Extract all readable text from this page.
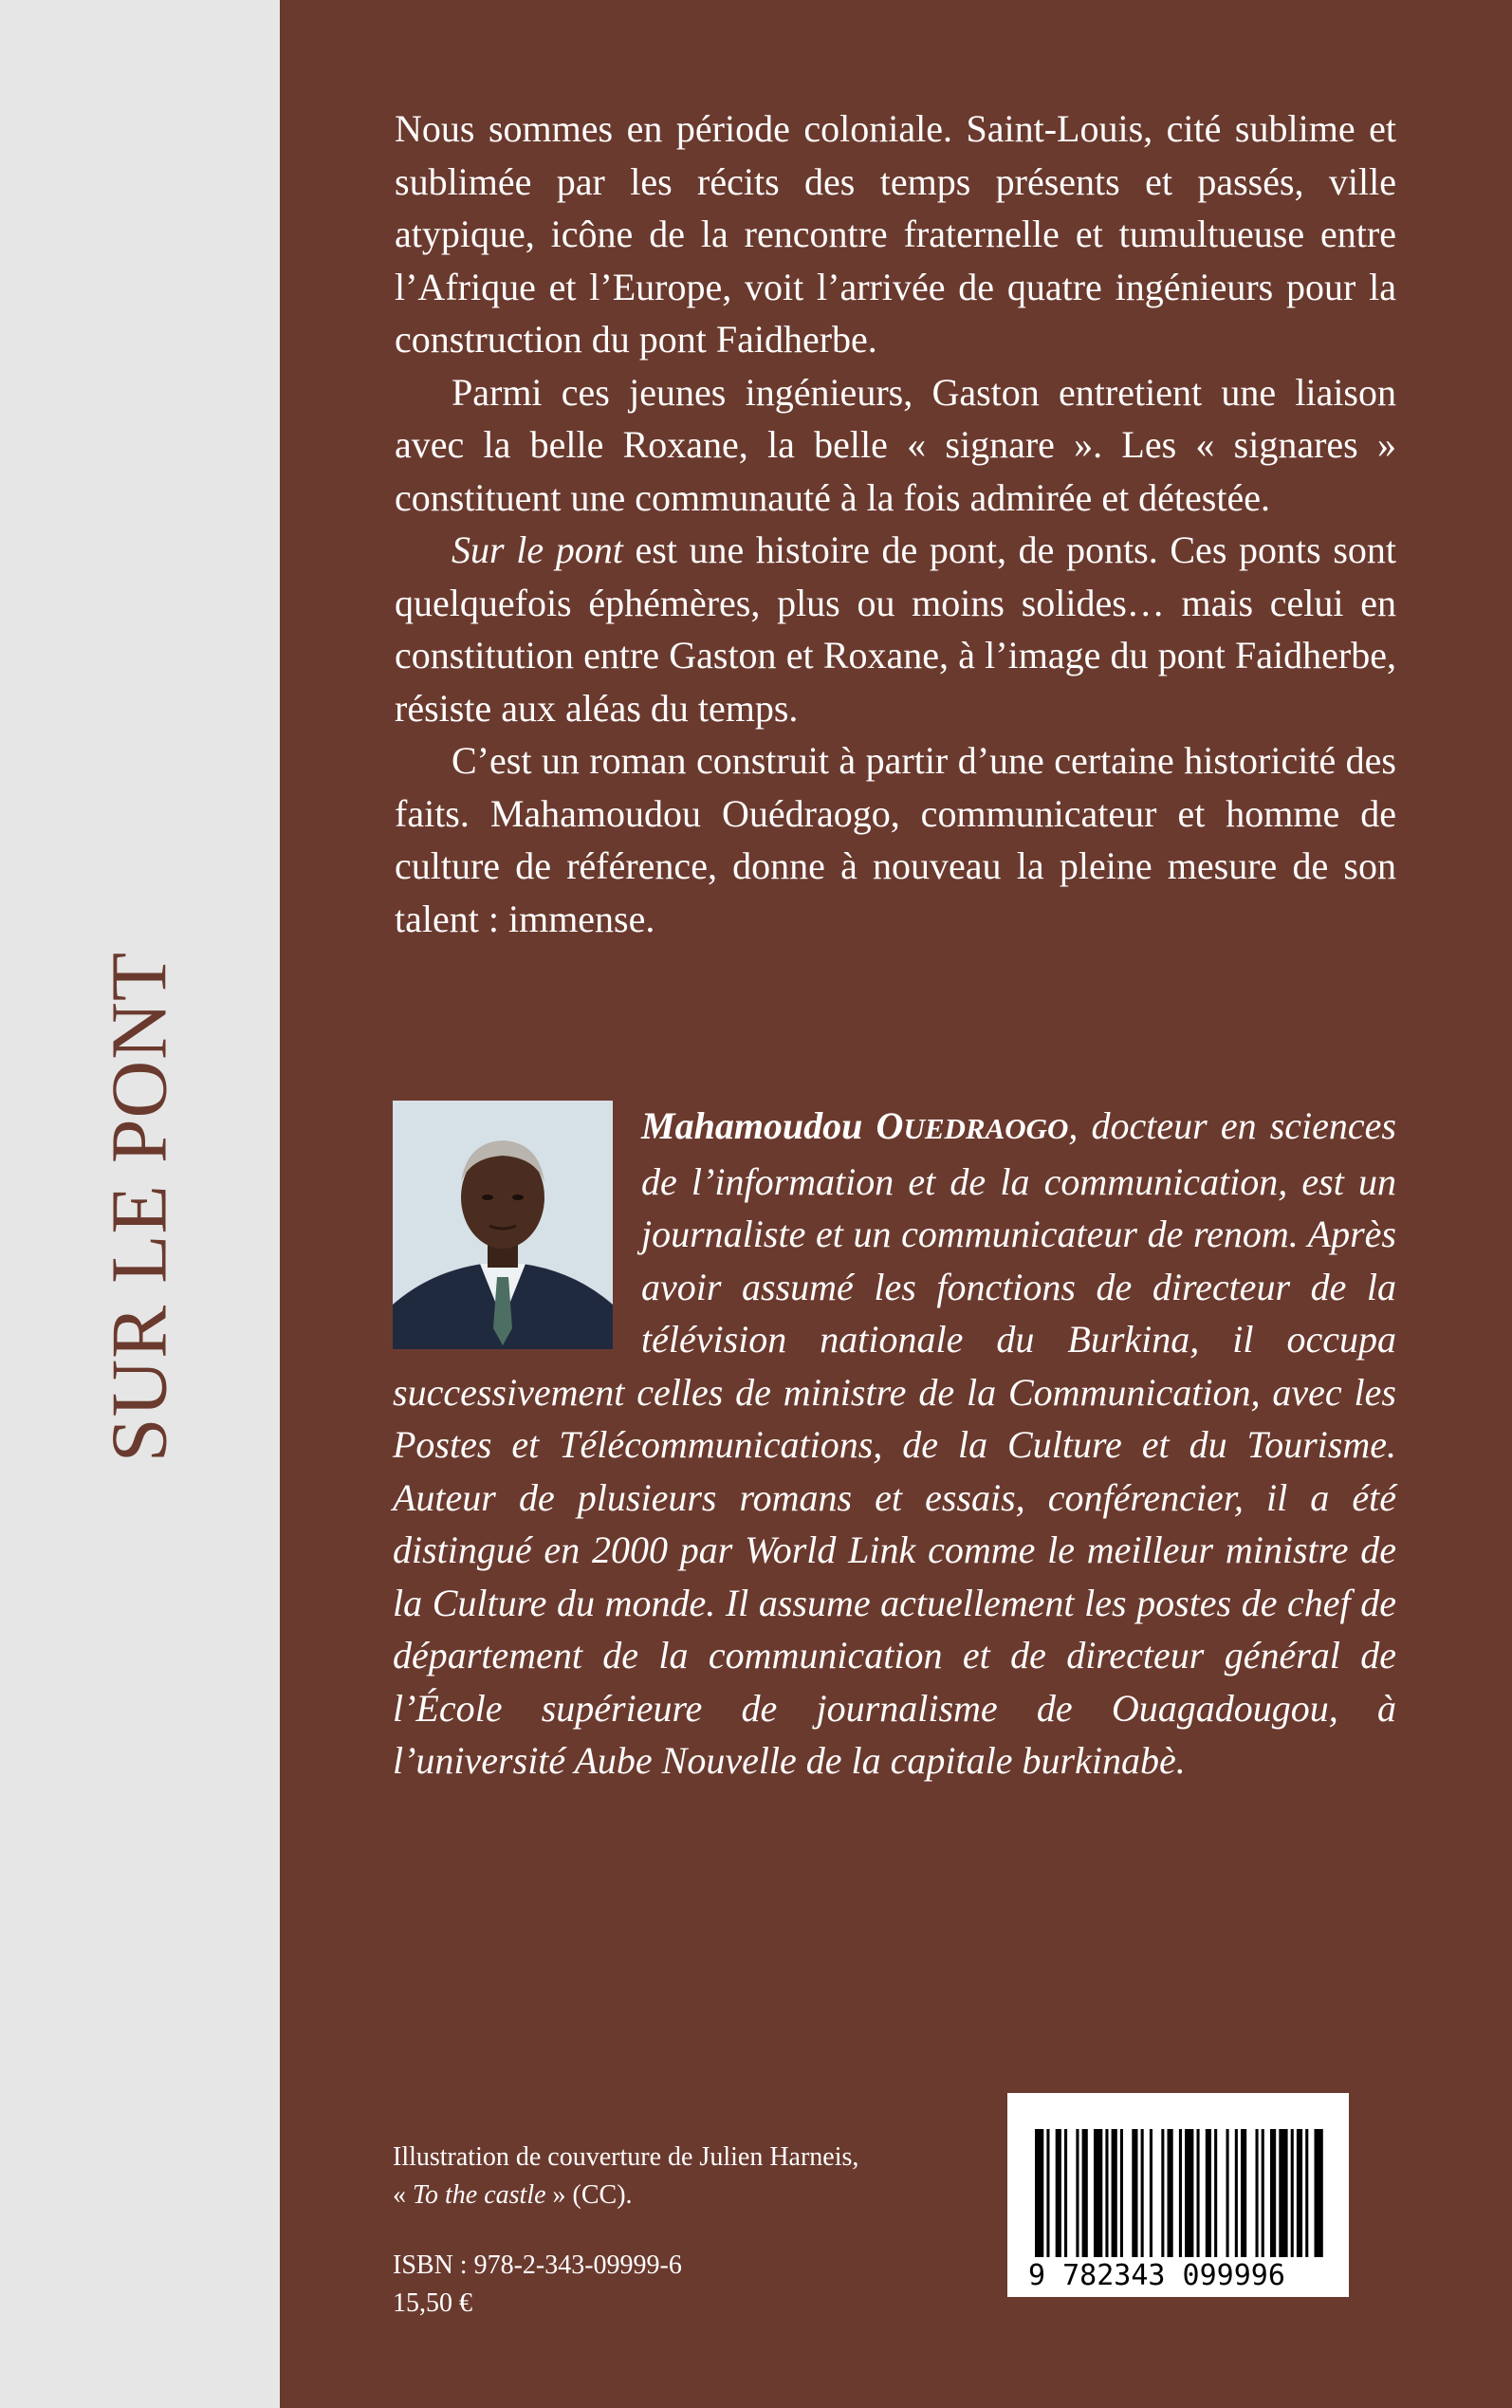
SUR LE PONT

Nous sommes en période coloniale. Saint-Louis, cité sublime et sublimée par les récits des temps présents et passés, ville atypique, icône de la rencontre fraternelle et tumultueuse entre l’Afrique et l’Europe, voit l’arrivée de quatre ingénieurs pour la construction du pont Faidherbe.

Parmi ces jeunes ingénieurs, Gaston entretient une liaison avec la belle Roxane, la belle « signare ». Les « signares » constituent une communauté à la fois admirée et détestée.

Sur le pont est une histoire de pont, de ponts. Ces ponts sont quelquefois éphémères, plus ou moins solides… mais celui en constitution entre Gaston et Roxane, à l’image du pont Faidherbe, résiste aux aléas du temps.

C’est un roman construit à partir d’une certaine historicité des faits. Mahamoudou Ouédraogo, communicateur et homme de culture de référence, donne à nouveau la pleine mesure de son talent : immense.

Mahamoudou OUEDRAOGO, docteur en sciences de l’information et de la communication, est un journaliste et un communicateur de renom. Après avoir assumé les fonctions de directeur de la télévision nationale du Burkina, il occupa successivement celles de ministre de la Communication, avec les Postes et Télécommunications, de la Culture et du Tourisme. Auteur de plusieurs romans et essais, conférencier, il a été distingué en 2000 par World Link comme le meilleur ministre de la Culture du monde. Il assume actuellement les postes de chef de département de la communication et de directeur général de l’École supérieure de journalisme de Ouagadougou, à l’université Aube Nouvelle de la capitale burkinabè.
Illustration de couverture de Julien Harneis,
« To the castle » (CC).
ISBN : 978-2-343-09999-6
15,50 €
9 782343 099996
